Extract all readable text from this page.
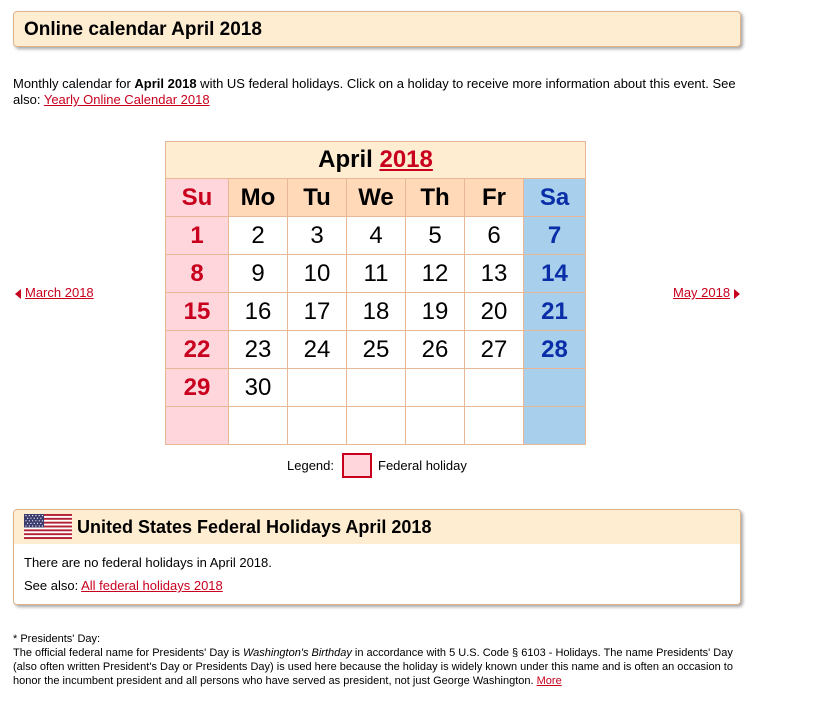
Online calendar April 2018
Monthly calendar for April 2018 with US federal holidays. Click on a holiday to receive more information about this event. See also: Yearly Online Calendar 2018
April 2018						
Su	Mo	Tu	We	Th	Fr	Sa
1	2	3	4	5	6	7
8	9	10	11	12	13	14
15	16	17	18	19	20	21
22	23	24	25	26	27	28
29	30					

March 2018	May 2018
Legend:	Federal holiday
United States Federal Holidays April 2018
There are no federal holidays in April 2018.
See also: All federal holidays 2018
* Presidents' Day:
The official federal name for Presidents' Day is Washington's Birthday in accordance with 5 U.S. Code § 6103 - Holidays. The name Presidents' Day (also often written President's Day or Presidents Day) is used here because the holiday is widely known under this name and is often an occasion to honor the incumbent president and all persons who have served as president, not just George Washington. More
